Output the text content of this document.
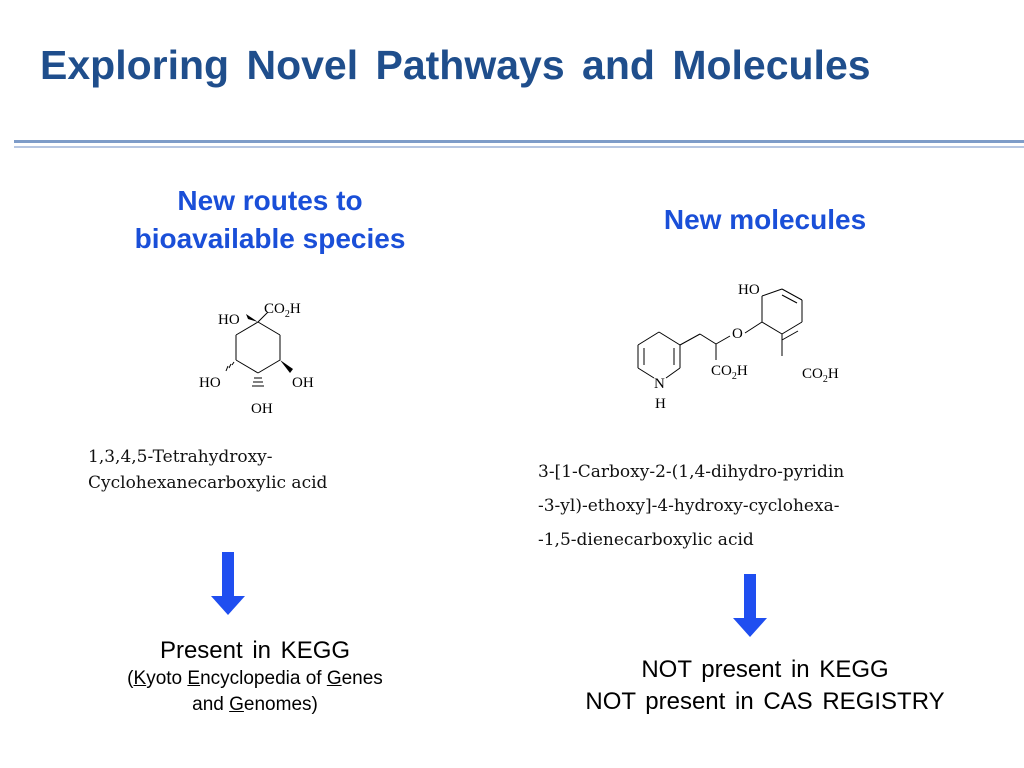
Exploring Novel Pathways and Molecules
New routes to
bioavailable species
HO
$CO_2H$
HO	OH
OH
1,3,4,5-Tetrahydroxy-
Cyclohexanecarboxylic acid
Present in KEGG
(Kyoto Encyclopedia of Genes
and Genomes)
New molecules
HO
O
$CO_2H$	$CO_2H$
N
H
3-[1-Carboxy-2-(1,4-dihydro-pyridin
-3-yl)-ethoxy]-4-hydroxy-cyclohexa-
-1,5-dienecarboxylic acid
NOT present in KEGG
NOT present in CAS REGISTRY
